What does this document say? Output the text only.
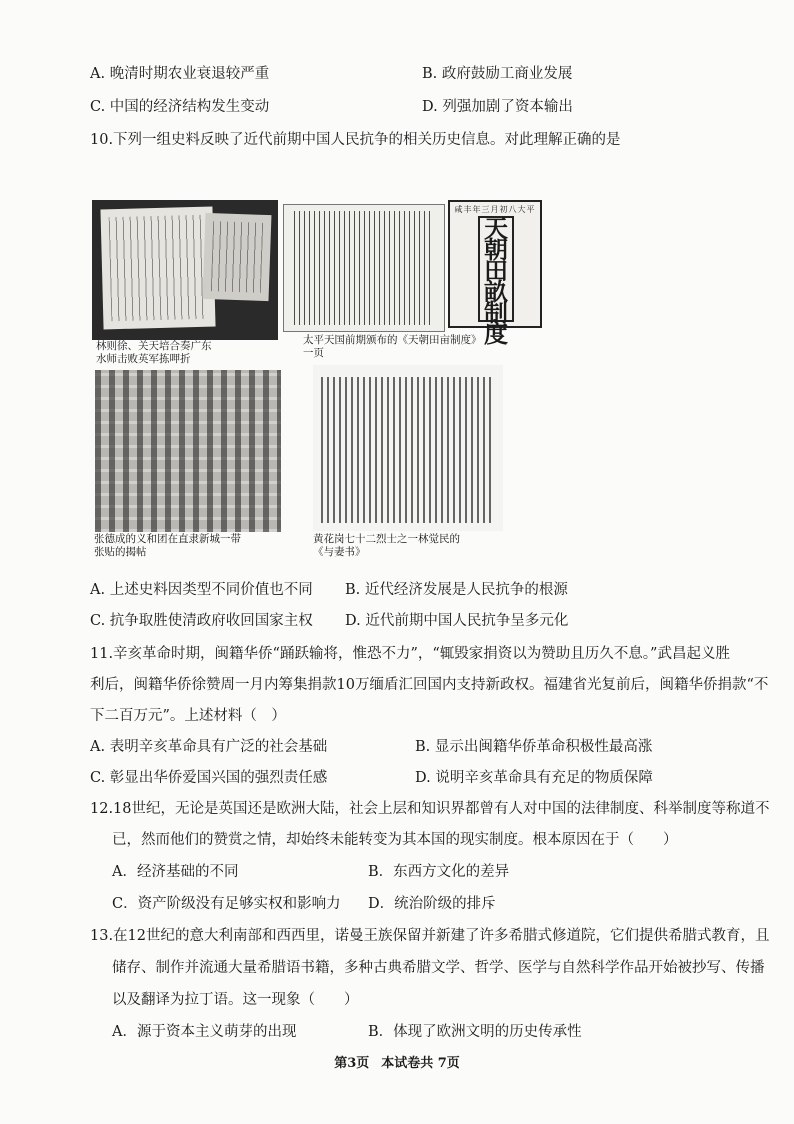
A. 晚清时期农业衰退较严重	B. 政府鼓励工商业发展
C. 中国的经济结构发生变动	D. 列强加剧了资本输出
10.下列一组史料反映了近代前期中国人民抗争的相关历史信息。对此理解正确的是
林则徐、关天培合奏广东
水师击败英军拣呷折
咸丰年三月初八大平
天朝田畝制度
太平天国前期颁布的《天朝田亩制度》
一页
张德成的义和团在直隶新城一带
张贴的揭帖
黄花岗七十二烈士之一林觉民的
《与妻书》
A. 上述史料因类型不同价值也不同 B. 近代经济发展是人民抗争的根源
C. 抗争取胜使清政府收回国家主权 D. 近代前期中国人民抗争呈多元化
11.辛亥革命时期，闽籍华侨“踊跃输将，惟恐不力”，“辄毁家捐资以为赞助且历久不息。”武昌起义胜
利后，闽籍华侨徐赞周一月内筹集捐款10万缅盾汇回国内支持新政权。福建省光复前后，闽籍华侨捐款“不
下二百万元”。上述材料（　）
A. 表明辛亥革命具有广泛的社会基础	B. 显示出闽籍华侨革命积极性最高涨
C. 彰显出华侨爱国兴国的强烈责任感	D. 说明辛亥革命具有充足的物质保障
12.18世纪，无论是英国还是欧洲大陆，社会上层和知识界都曾有人对中国的法律制度、科举制度等称道不
已，然而他们的赞赏之情，却始终未能转变为其本国的现实制度。根本原因在于（　　）
A．经济基础的不同	B．东西方文化的差异
C．资产阶级没有足够实权和影响力 D．统治阶级的排斥
13.在12世纪的意大利南部和西西里，诺曼王族保留并新建了许多希腊式修道院，它们提供希腊式教育，且
储存、制作并流通大量希腊语书籍，多种古典希腊文学、哲学、医学与自然科学作品开始被抄写、传播
以及翻译为拉丁语。这一现象（　　）
A．源于资本主义萌芽的出现	B．体现了欧洲文明的历史传承性
第3页 本试卷共 7页
